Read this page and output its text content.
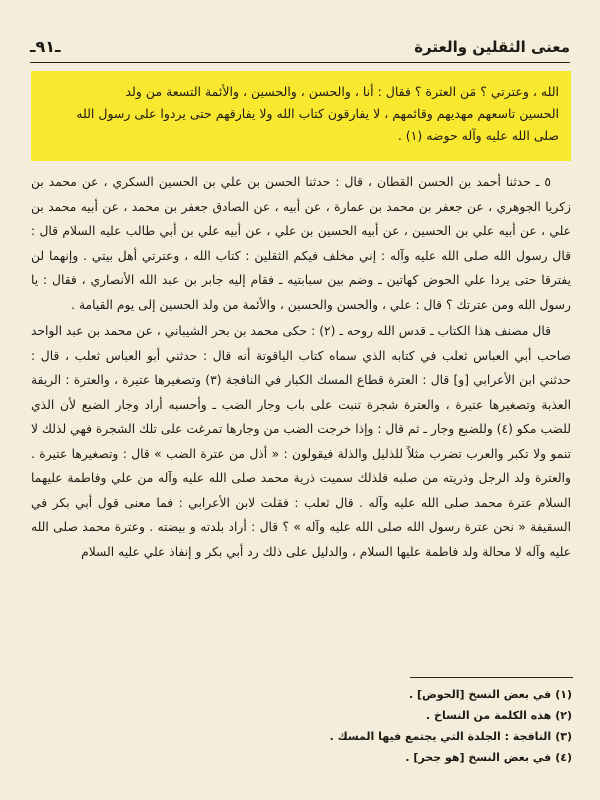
ـ٩١ـ	معنى الثقلين والعترة

الله ، وعترتي ؟ مَن العترة ؟ فقال : أنا ، والحسن ، والحسين ، والأئمة التسعة من ولد

الحسين تاسعهم مهديهم وقائمهم ، لا يفارقون كتاب الله ولا يفارقهم حتى يردوا على رسول الله

صلى الله عليه وآله حوضه (١) .

٥ ـ حدثنا أحمد بن الحسن القطان ، قال : حدثنا الحسن بن علي بن الحسين السكري ، عن محمد بن زكريا الجوهري ، عن جعفر بن محمد بن عمارة ، عن أبيه ، عن الصادق جعفر بن محمد ، عن أبيه محمد بن علي ، عن أبيه علي بن الحسين ، عن أبيه الحسين بن علي ، عن أبيه علي بن أبي طالب عليه السلام قال : قال رسول الله صلى الله عليه وآله : إني مخلف فيكم الثقلين : كتاب الله ، وعترتي أهل بيتي . وإنهما لن يفترقا حتى يردا علي الحوض كهاتين ـ وضم بين سبابتيه ـ فقام إليه جابر بن عبد الله الأنصاري ، فقال : يا رسول الله ومن عترتك ؟ قال : علي ، والحسن والحسين ، والأئمة من ولد الحسين إلى يوم القيامة .

قال مصنف هذا الكتاب ـ قدس الله روحه ـ (٢) : حكى محمد بن بحر الشيباني ، عن محمد بن عبد الواحد صاحب أبي العباس ثعلب في كتابه الذي سماه كتاب الياقوتة أنه قال : حدثني أبو العباس ثعلب ، قال : حدثني ابن الأعرابي [و] قال : العترة قطاع المسك الكبار في النافجة (٣) وتصغيرها عتيرة ، والعترة : الريقة العذبة وتصغيرها عتيرة ، والعترة شجرة تنبت على باب وجار الضب ـ وأحسبه أراد وجار الضبع لأن الذي للضب مكو (٤) وللضبع وجار ـ ثم قال : وإذا خرجت الضب من وجارها تمرغت على تلك الشجرة فهي لذلك لا تنمو ولا تكبر والعرب تضرب مثلاً للذليل والذلة فيقولون : « أذل من عترة الضب » قال : وتصغيرها عتيرة . والعترة ولد الرجل وذريته من صلبه فلذلك سميت ذرية محمد صلى الله عليه وآله من علي وفاطمة عليهما السلام عترة محمد صلى الله عليه وآله . قال ثعلب : فقلت لابن الأعرابي : فما معنى قول أبي بكر في السقيفة « نحن عترة رسول الله صلى الله عليه وآله » ؟ قال : أراد بلدته و بيضته . وعترة محمد صلى الله عليه وآله لا محالة ولد فاطمة عليها السلام ، والدليل على ذلك رد أبي بكر و إنفاذ علي عليه السلام

(١)في بعض النسخ [الحوض] .
(٢)هذه الكلمة من النساخ .
(٣)النافجة : الجلدة التي يجتمع فيها المسك .
(٤)في بعض النسخ [هو جحر] .
